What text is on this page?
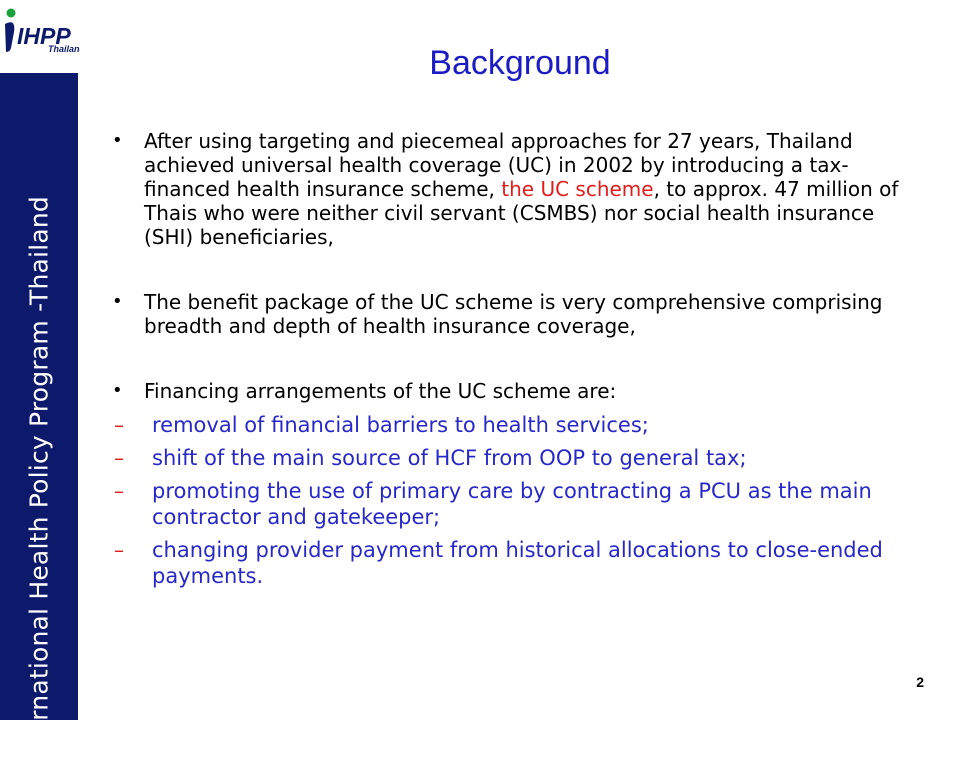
International Health Policy Program -Thailand
IHPP
Thailan	Background
•	After using targeting and piecemeal approaches for 27 years, Thailand achieved universal health coverage (UC) in 2002 by introducing a tax-financed health insurance scheme, the UC scheme, to approx. 47 million of Thais who were neither civil servant (CSMBS) nor social health insurance (SHI) beneficiaries,
•	The benefit package of the UC scheme is very comprehensive comprising breadth and depth of health insurance coverage,
•	Financing arrangements of the UC scheme are:
–	removal of financial barriers to health services;
–	shift of the main source of HCF from OOP to general tax;
–	promoting the use of primary care by contracting a PCU as the main contractor and gatekeeper;
–	changing provider payment from historical allocations to close-ended payments.
2
